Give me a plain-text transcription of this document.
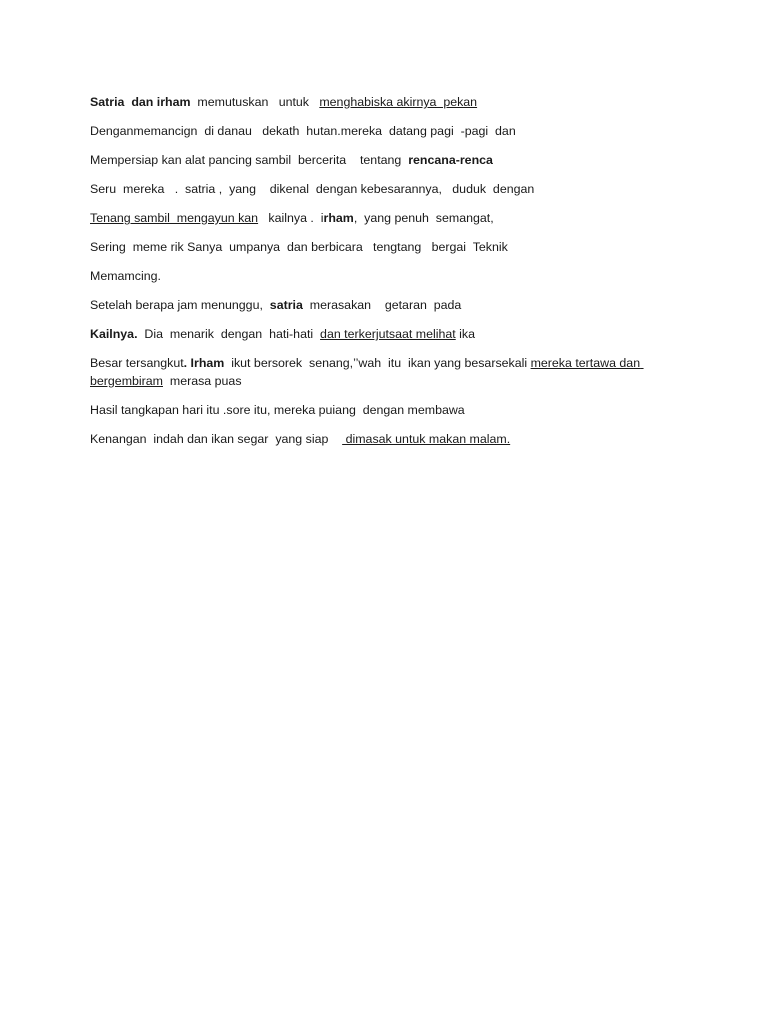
Satria  dan irham  memutuskan   untuk   menghabiska akirnya  pekan

Denganmemancign  di danau   dekath  hutan.mereka  datang pagi  -pagi  dan

Mempersiap kan alat pancing sambil  bercerita    tentang  rencana-renca

Seru  mereka   .  satria ,  yang    dikenal  dengan kebesarannya,   duduk  dengan

Tenang sambil  mengayun kan   kailnya .  irham,  yang penuh  semangat,

Sering  meme rik Sanya  umpanya  dan berbicara   tengtang   bergai  Teknik

Memamcing.

Setelah berapa jam menunggu,  satria  merasakan    getaran  pada

Kailnya.  Dia  menarik  dengan  hati-hati  dan terkerjutsaat melihat ika

Besar tersangkut. Irham  ikut bersorek  senang,’’wah  itu  ikan yang besarsekali mereka tertawa dan bergembiram  merasa puas

Hasil tangkapan hari itu .sore itu, mereka puiang  dengan membawa

Kenangan  indah dan ikan segar  yang siap     dimasak untuk makan malam.
